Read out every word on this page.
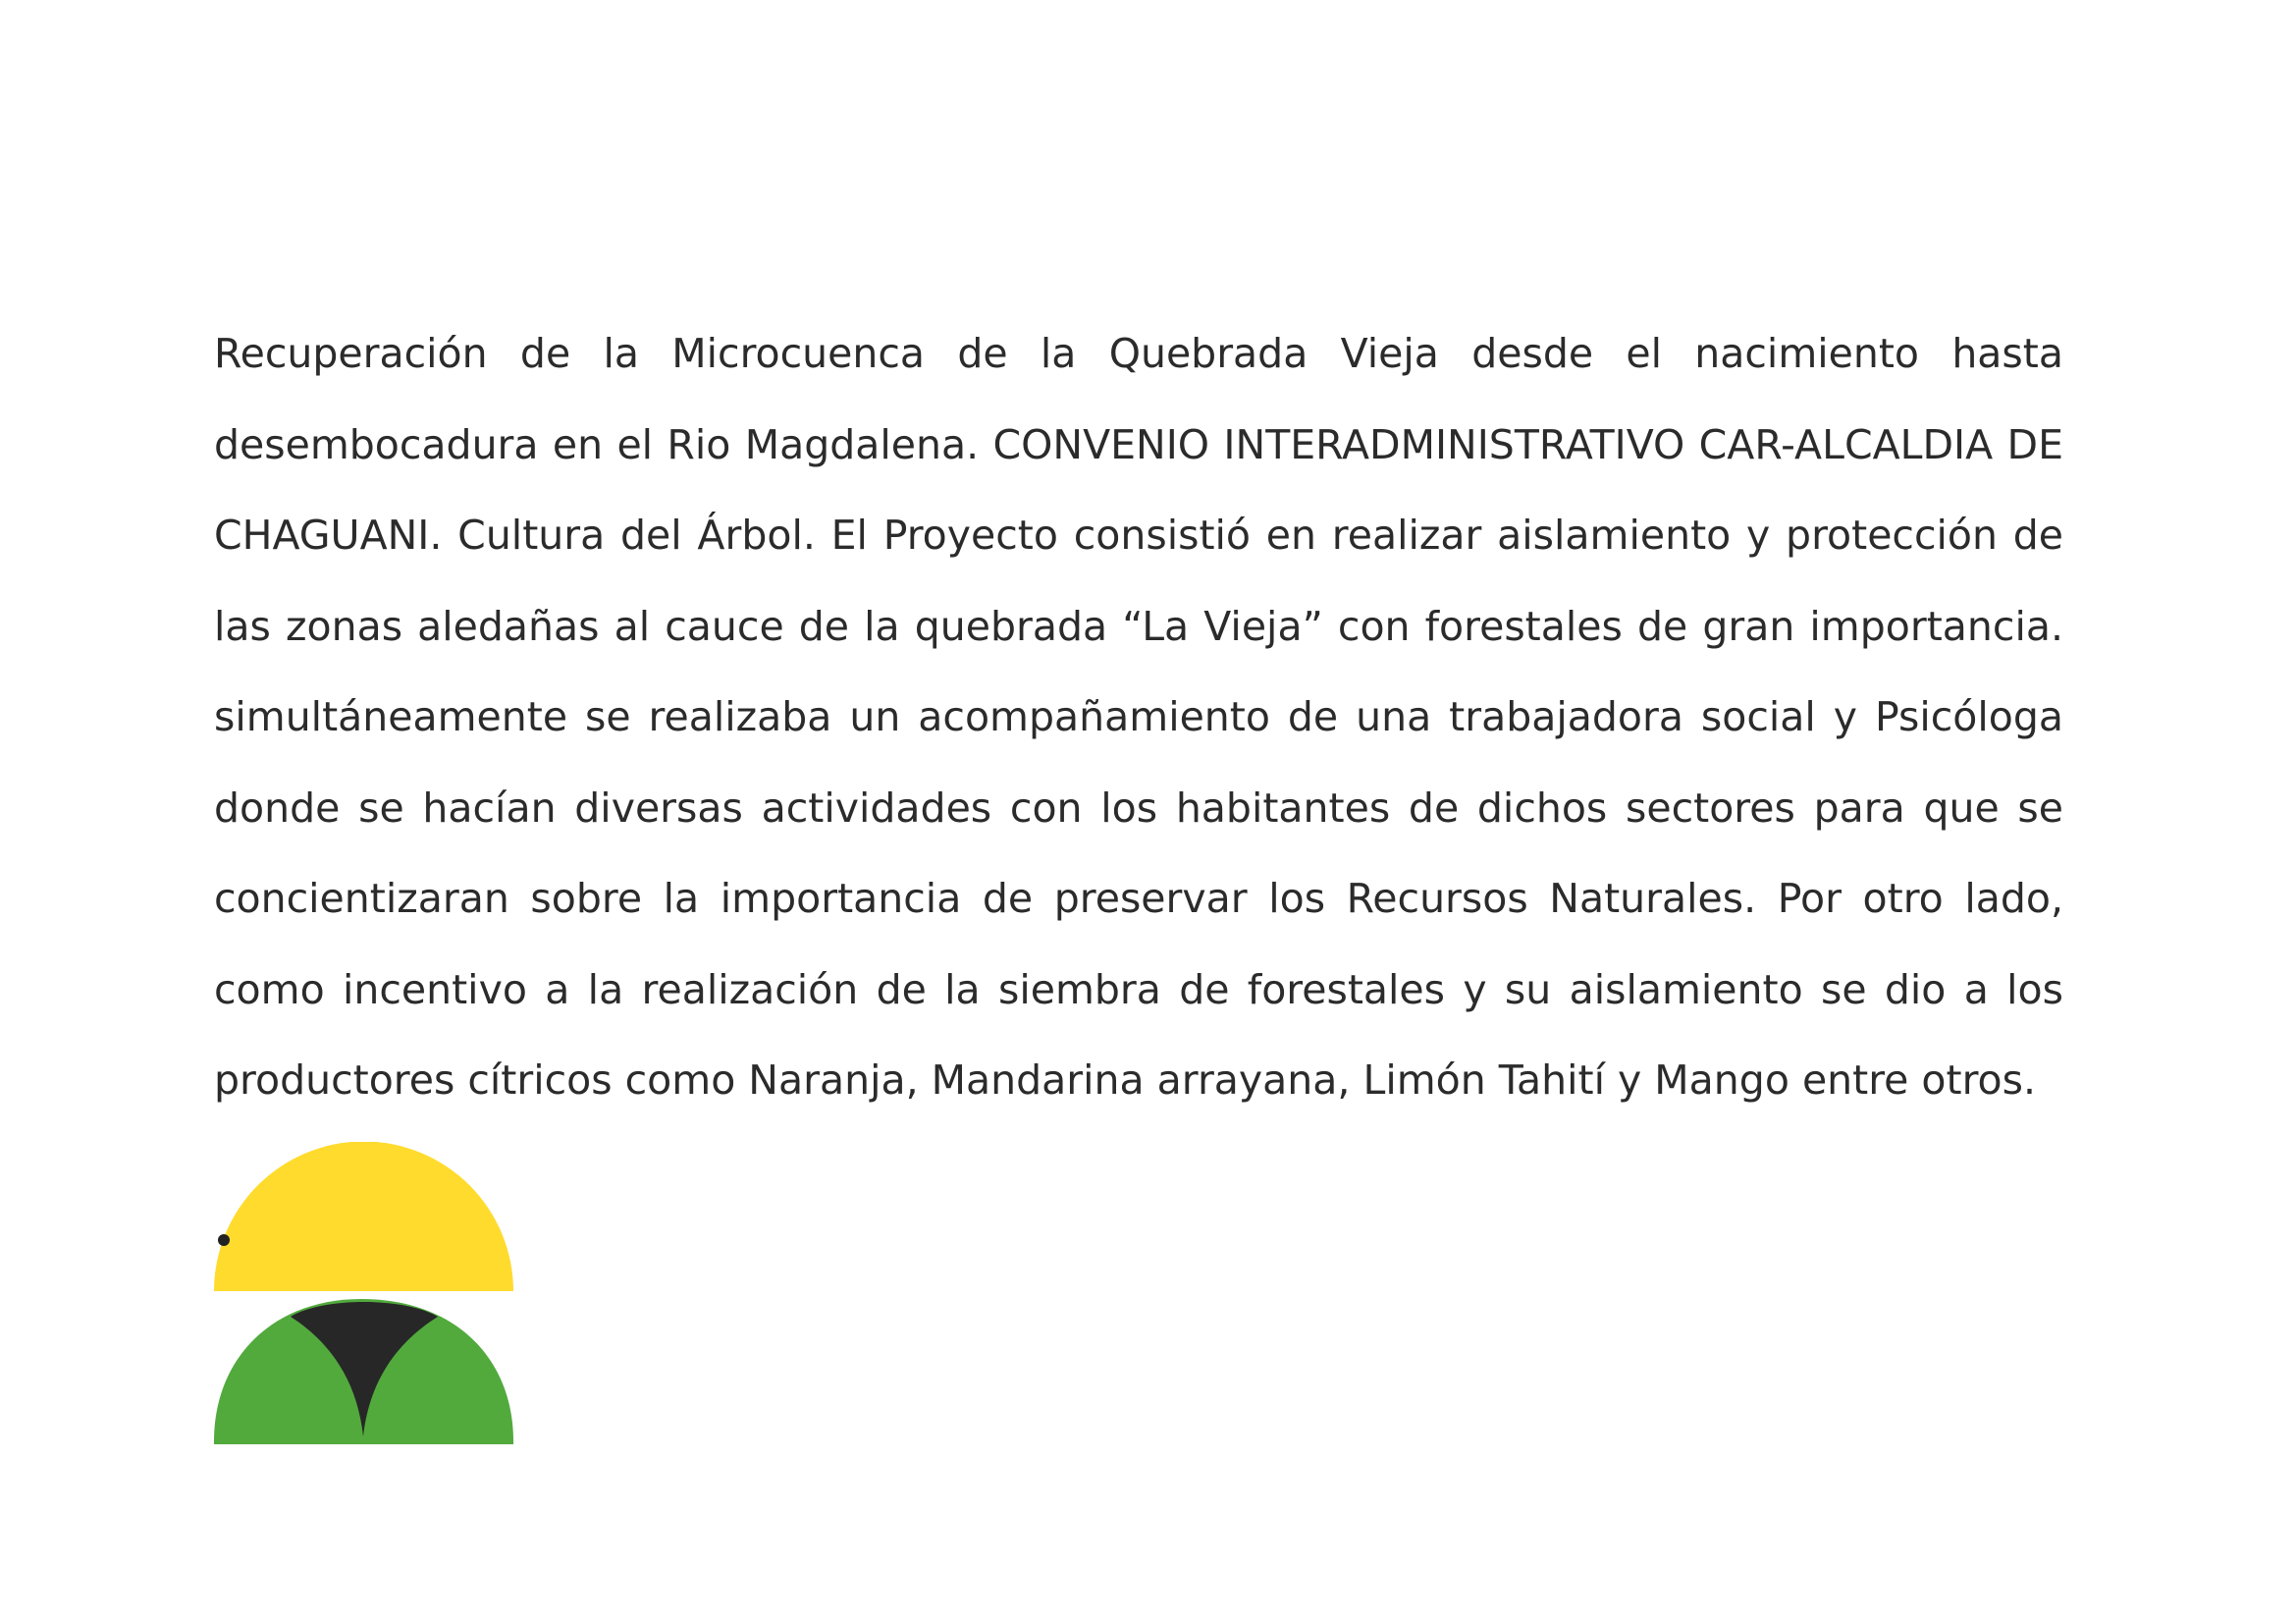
Recuperación de la Microcuenca de la Quebrada Vieja desde el nacimiento hasta desembocadura en el Rio Magdalena. CONVENIO INTERADMINISTRATIVO CAR-ALCALDIA DE CHAGUANI. Cultura del Árbol. El Proyecto consistió en realizar aislamiento y protección de las zonas aledañas al cauce de la quebrada “La Vieja” con forestales de gran importancia. simultáneamente se realizaba un acompañamiento de una trabajadora social y Psicóloga donde se hacían diversas actividades con los habitantes de dichos sectores para que se concientizaran sobre la importancia de preservar los Recursos Naturales. Por otro lado, como incentivo a la realización de la siembra de forestales y su aislamiento se dio a los productores cítricos como Naranja, Mandarina arrayana, Limón Tahití y Mango entre otros.
